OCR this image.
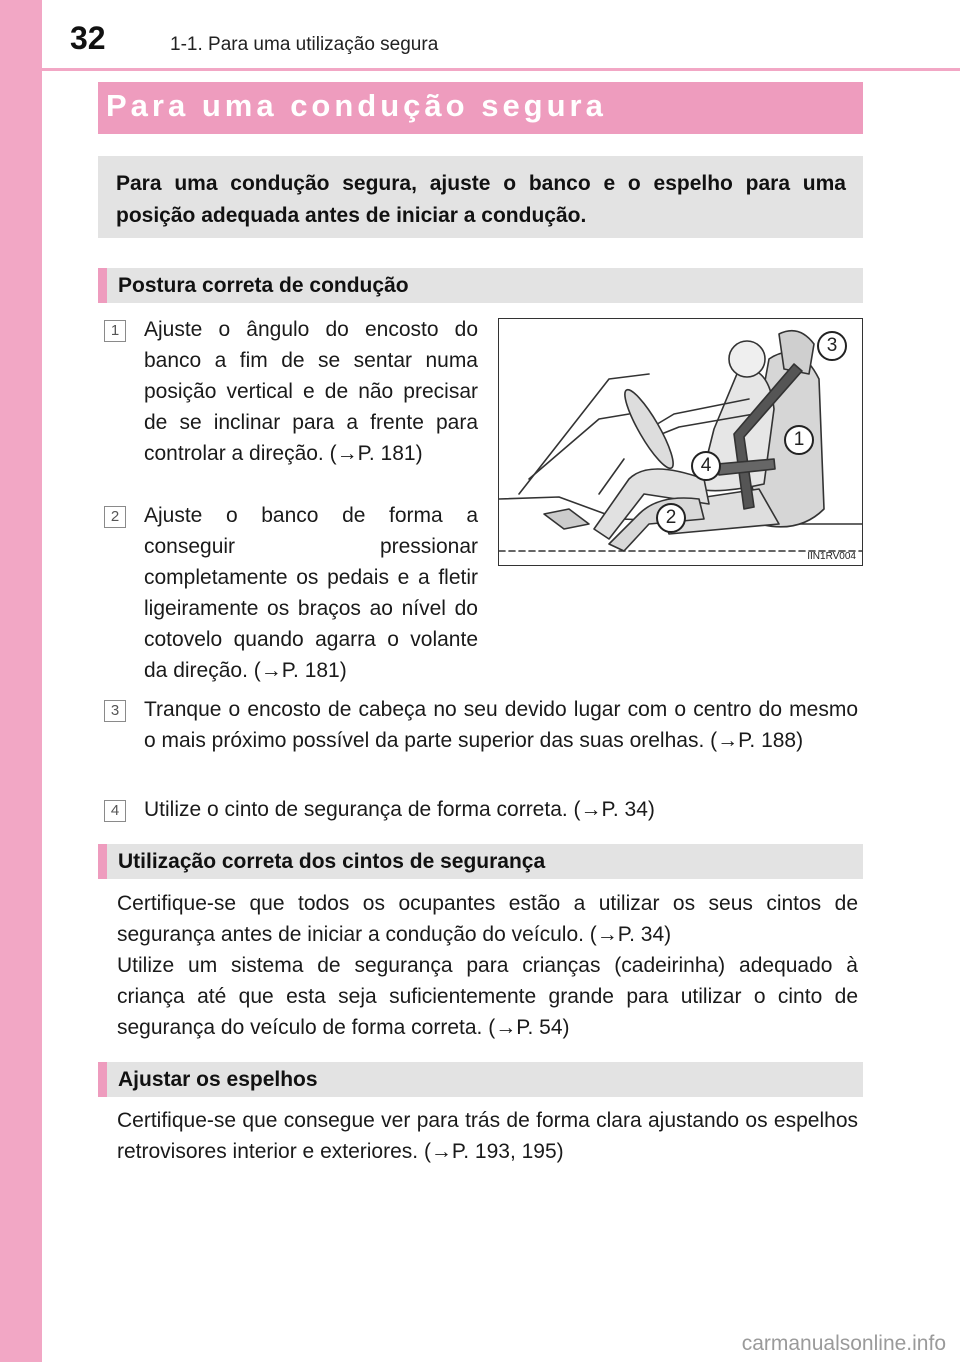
32	1-1. Para uma utilização segura
Para uma condução segura
Para uma condução segura, ajuste o banco e o espelho para uma posição adequada antes de iniciar a condução.
Postura correta de condução
1	Ajuste o ângulo do encosto do banco a fim de se sentar numa posição vertical e de não precisar de se inclinar para a frente para controlar a direção. (→P. 181)
2	Ajuste o banco de forma a conseguir pressionar completamente os pedais e a fletir ligeiramente os braços ao nível do cotovelo quando agarra o volante da direção. (→P. 181)
3
1
4
2
IIN1RV004
3	Tranque o encosto de cabeça no seu devido lugar com o centro do mesmo o mais próximo possível da parte superior das suas orelhas. (→P. 188)
4	Utilize o cinto de segurança de forma correta. (→P. 34)
Utilização correta dos cintos de segurança
Certifique-se que todos os ocupantes estão a utilizar os seus cintos de segurança antes de iniciar a condução do veículo. (→P. 34)
Utilize um sistema de segurança para crianças (cadeirinha) adequado à criança até que esta seja suficientemente grande para utilizar o cinto de segurança do veículo de forma correta. (→P. 54)
Ajustar os espelhos
Certifique-se que consegue ver para trás de forma clara ajustando os espelhos retrovisores interior e exteriores. (→P. 193, 195)
carmanualsonline.info
